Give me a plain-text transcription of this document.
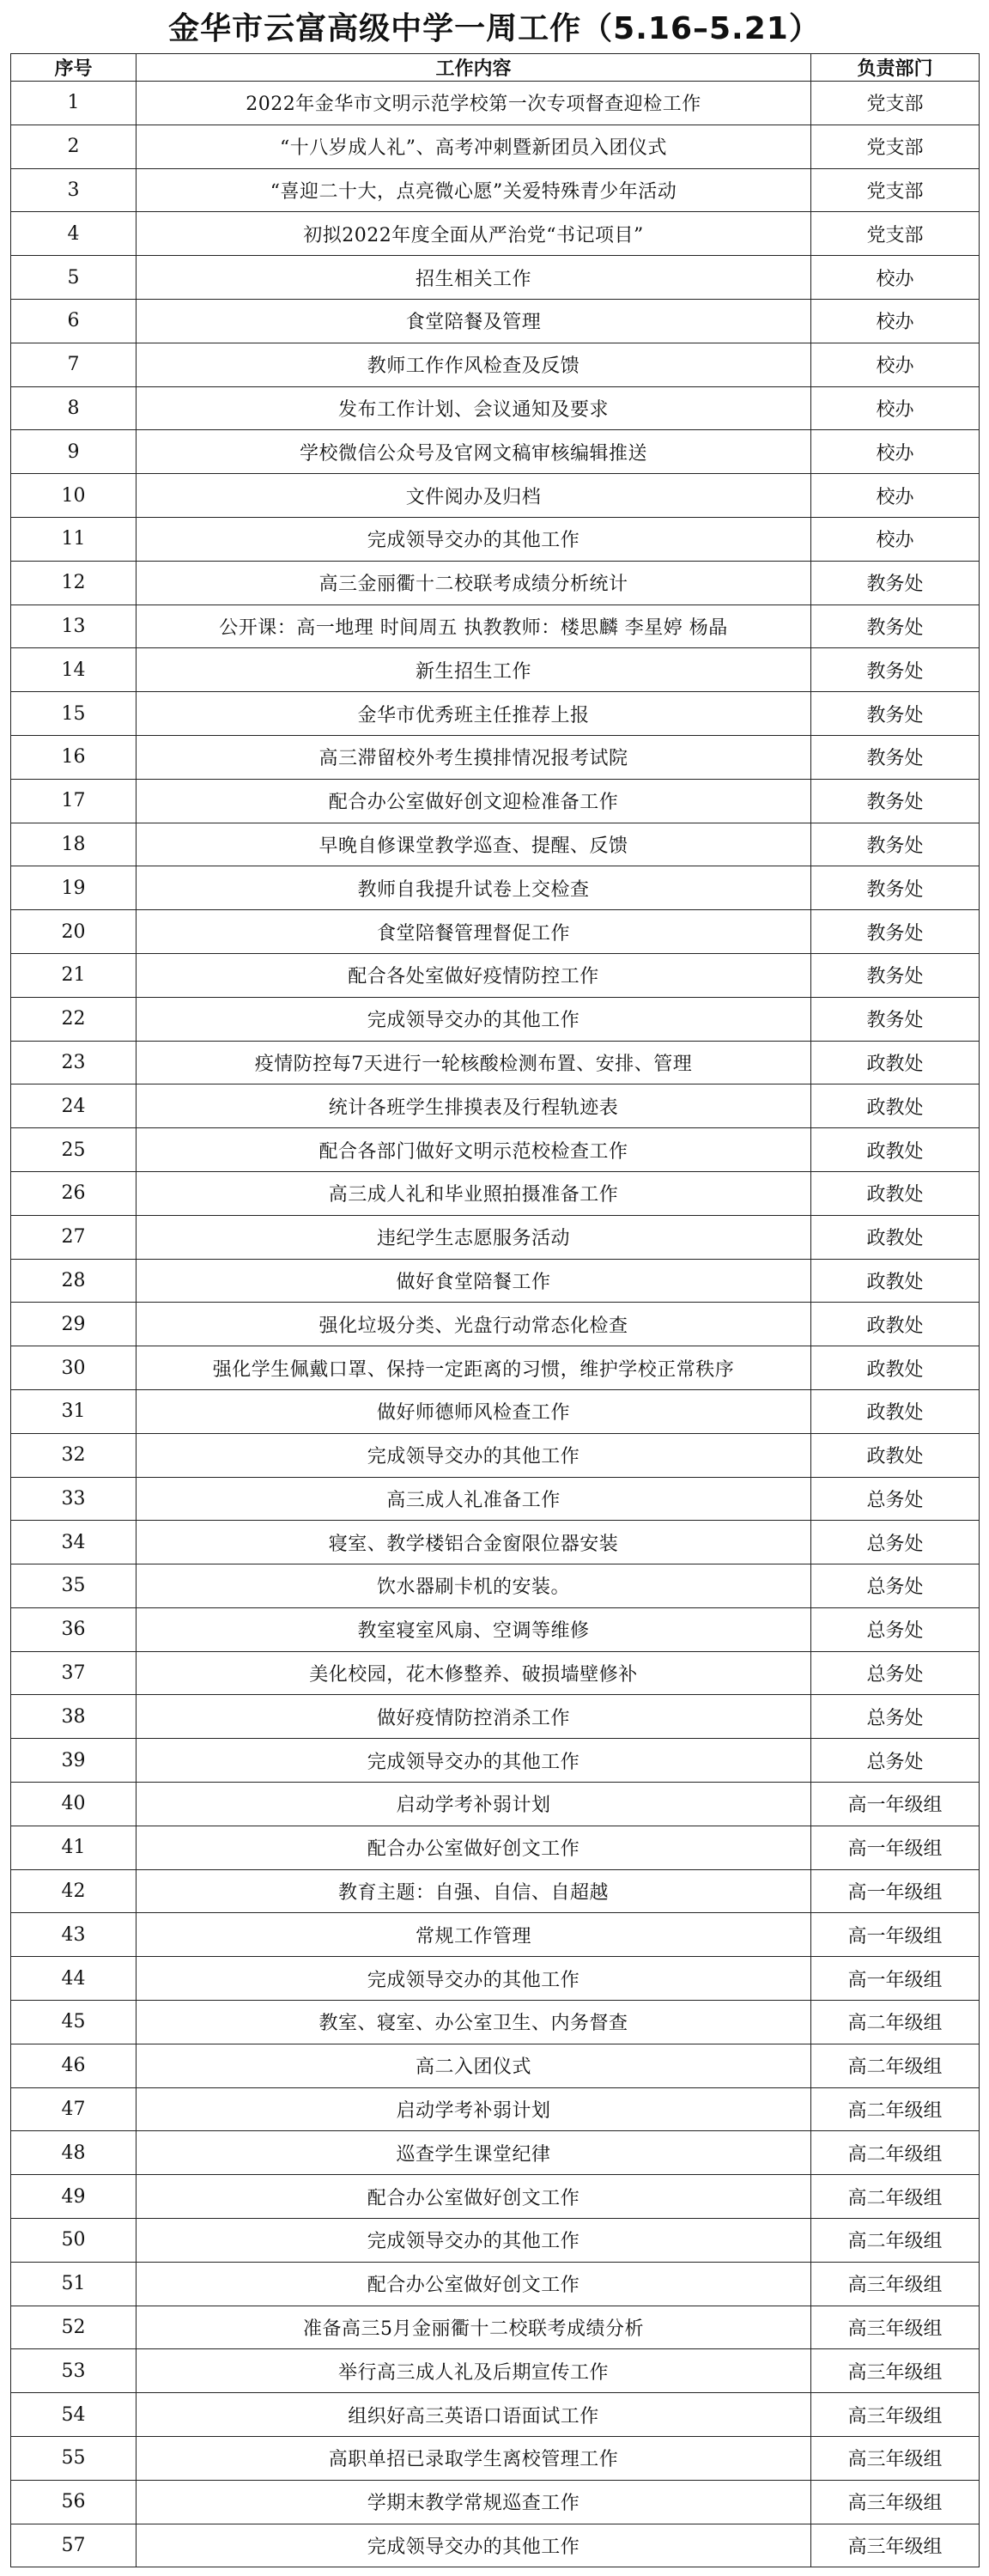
金华市云富高级中学一周工作（5.16–5.21）
序号	工作内容	负责部门
1	2022年金华市文明示范学校第一次专项督查迎检工作	党支部
2	“十八岁成人礼”、高考冲刺暨新团员入团仪式	党支部
3	“喜迎二十大，点亮微心愿”关爱特殊青少年活动	党支部
4	初拟2022年度全面从严治党“书记项目”	党支部
5	招生相关工作	校办
6	食堂陪餐及管理	校办
7	教师工作作风检查及反馈	校办
8	发布工作计划、会议通知及要求	校办
9	学校微信公众号及官网文稿审核编辑推送	校办
10	文件阅办及归档	校办
11	完成领导交办的其他工作	校办
12	高三金丽衢十二校联考成绩分析统计	教务处
13	公开课：高一地理 时间周五 执教教师：楼思麟 李星婷 杨晶	教务处
14	新生招生工作	教务处
15	金华市优秀班主任推荐上报	教务处
16	高三滞留校外考生摸排情况报考试院	教务处
17	配合办公室做好创文迎检准备工作	教务处
18	早晚自修课堂教学巡查、提醒、反馈	教务处
19	教师自我提升试卷上交检查	教务处
20	食堂陪餐管理督促工作	教务处
21	配合各处室做好疫情防控工作	教务处
22	完成领导交办的其他工作	教务处
23	疫情防控每7天进行一轮核酸检测布置、安排、管理	政教处
24	统计各班学生排摸表及行程轨迹表	政教处
25	配合各部门做好文明示范校检查工作	政教处
26	高三成人礼和毕业照拍摄准备工作	政教处
27	违纪学生志愿服务活动	政教处
28	做好食堂陪餐工作	政教处
29	强化垃圾分类、光盘行动常态化检查	政教处
30	强化学生佩戴口罩、保持一定距离的习惯，维护学校正常秩序	政教处
31	做好师德师风检查工作	政教处
32	完成领导交办的其他工作	政教处
33	高三成人礼准备工作	总务处
34	寝室、教学楼铝合金窗限位器安装	总务处
35	饮水器刷卡机的安装。	总务处
36	教室寝室风扇、空调等维修	总务处
37	美化校园，花木修整养、破损墙壁修补	总务处
38	做好疫情防控消杀工作	总务处
39	完成领导交办的其他工作	总务处
40	启动学考补弱计划	高一年级组
41	配合办公室做好创文工作	高一年级组
42	教育主题：自强、自信、自超越	高一年级组
43	常规工作管理	高一年级组
44	完成领导交办的其他工作	高一年级组
45	教室、寝室、办公室卫生、内务督查	高二年级组
46	高二入团仪式	高二年级组
47	启动学考补弱计划	高二年级组
48	巡查学生课堂纪律	高二年级组
49	配合办公室做好创文工作	高二年级组
50	完成领导交办的其他工作	高二年级组
51	配合办公室做好创文工作	高三年级组
52	准备高三5月金丽衢十二校联考成绩分析	高三年级组
53	举行高三成人礼及后期宣传工作	高三年级组
54	组织好高三英语口语面试工作	高三年级组
55	高职单招已录取学生离校管理工作	高三年级组
56	学期末教学常规巡查工作	高三年级组
57	完成领导交办的其他工作	高三年级组
